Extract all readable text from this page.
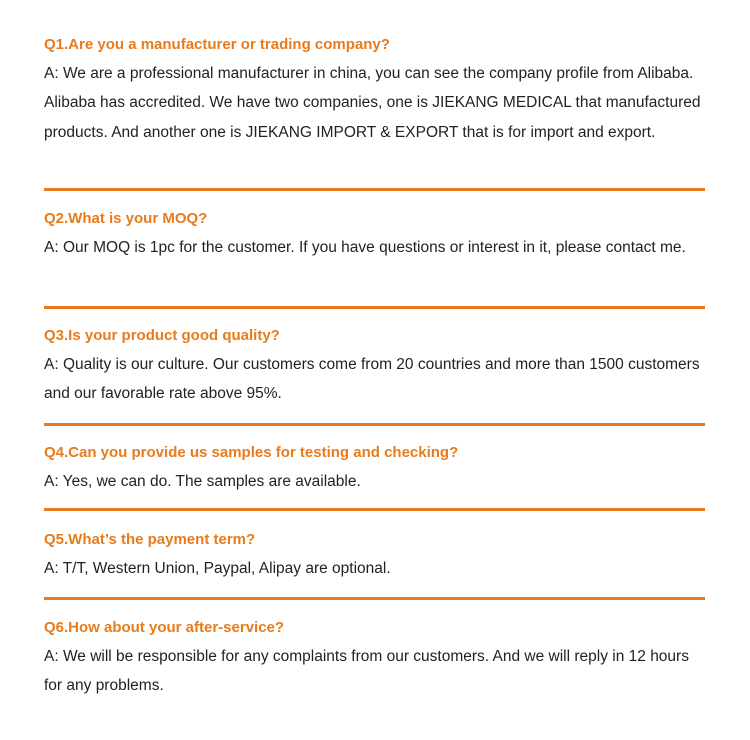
Q1.Are you a manufacturer or trading company?

A: We are a professional manufacturer in china, you can see the company profile from Alibaba. Alibaba has accredited. We have two companies, one is JIEKANG MEDICAL that manufactured products. And another one is JIEKANG IMPORT & EXPORT that is for import and export.

Q2.What is your MOQ?

A: Our MOQ is 1pc for the customer. If you have questions or interest in it, please contact me.

Q3.Is your product good quality?

A: Quality is our culture. Our customers come from 20 countries and more than 1500 customers and our favorable rate above 95%.

Q4.Can you provide us samples for testing and checking?

A: Yes, we can do. The samples are available.

Q5.What’s the payment term?

A: T/T, Western Union, Paypal, Alipay are optional.

Q6.How about your after-service?

A: We will be responsible for any complaints from our customers. And we will reply in 12 hours for any problems.
